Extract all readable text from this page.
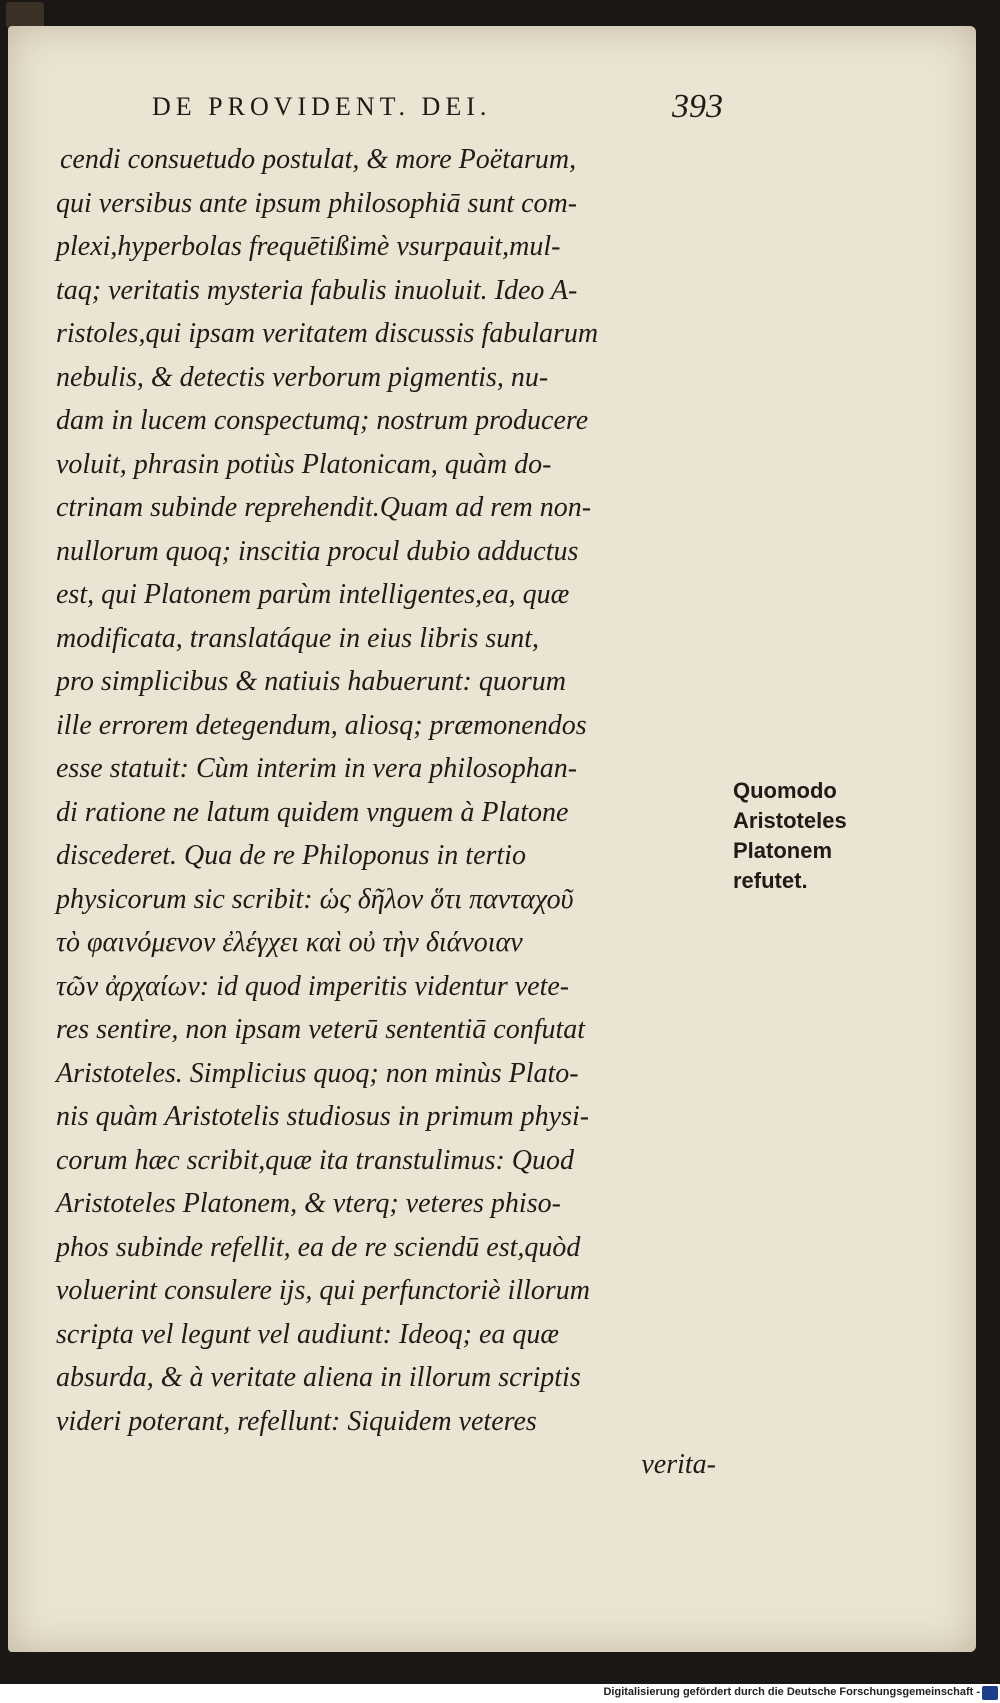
DE PROVIDENT. DEI.	393
cendi consuetudo postulat, & more Poëtarum,
qui versibus ante ipsum philosophiā sunt com-
plexi,hyperbolas frequētißimè vsurpauit,mul-
taq; veritatis mysteria fabulis inuoluit. Ideo A-
ristoles,qui ipsam veritatem discussis fabularum
nebulis, & detectis verborum pigmentis, nu-
dam in lucem conspectumq; nostrum producere
voluit, phrasin potiùs Platonicam, quàm do-
ctrinam subinde reprehendit.Quam ad rem non-
nullorum quoq; inscitia procul dubio adductus
est, qui Platonem parùm intelligentes,ea, quæ
modificata, translatáque in eius libris sunt,
pro simplicibus & natiuis habuerunt: quorum
ille errorem detegendum, aliosq; præmonendos
esse statuit: Cùm interim in vera philosophan-
di ratione ne latum quidem vnguem à Platone
discederet. Qua de re Philoponus in tertio
physicorum sic scribit: ὡς δῆλον ὅτι πανταχοῦ
τὸ φαινόμενον ἐλέγχει καὶ οὐ τὴν διάνοιαν
τῶν ἀρχαίων: id quod imperitis videntur vete-
res sentire, non ipsam veterū sententiā confutat
Aristoteles. Simplicius quoq; non minùs Plato-
nis quàm Aristotelis studiosus in primum physi-
corum hæc scribit,quæ ita transtulimus: Quod
Aristoteles Platonem, & vterq; veteres phiso-
phos subinde refellit, ea de re sciendū est,quòd
voluerint consulere ijs, qui perfunctoriè illorum
scripta vel legunt vel audiunt: Ideoq; ea quæ
absurda, & à veritate aliena in illorum scriptis
videri poterant, refellunt: Siquidem veteres
verita-
Quomodo
Aristoteles
Platonem
refutet.
Digitalisierung gefördert durch die Deutsche Forschungsgemeinschaft -
